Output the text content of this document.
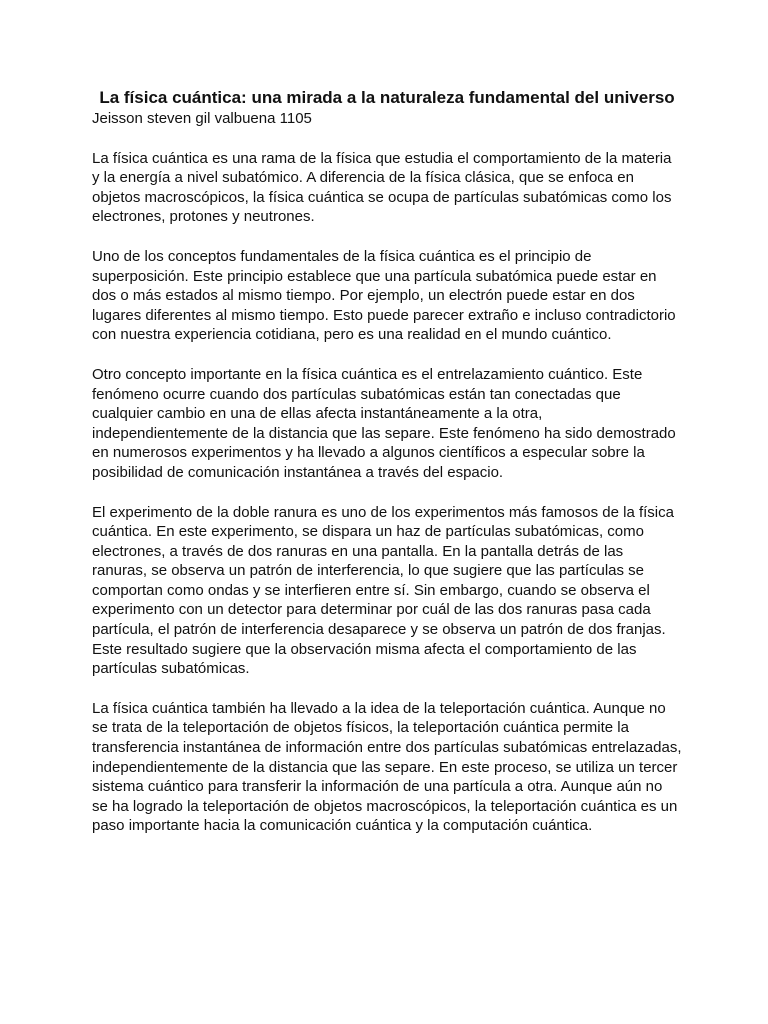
La física cuántica: una mirada a la naturaleza fundamental del universo

Jeisson steven gil valbuena 1105

La física cuántica es una rama de la física que estudia el comportamiento de la materia y la energía a nivel subatómico. A diferencia de la física clásica, que se enfoca en objetos macroscópicos, la física cuántica se ocupa de partículas subatómicas como los electrones, protones y neutrones.

Uno de los conceptos fundamentales de la física cuántica es el principio de superposición. Este principio establece que una partícula subatómica puede estar en dos o más estados al mismo tiempo. Por ejemplo, un electrón puede estar en dos lugares diferentes al mismo tiempo. Esto puede parecer extraño e incluso contradictorio con nuestra experiencia cotidiana, pero es una realidad en el mundo cuántico.

Otro concepto importante en la física cuántica es el entrelazamiento cuántico. Este fenómeno ocurre cuando dos partículas subatómicas están tan conectadas que cualquier cambio en una de ellas afecta instantáneamente a la otra, independientemente de la distancia que las separe. Este fenómeno ha sido demostrado en numerosos experimentos y ha llevado a algunos científicos a especular sobre la posibilidad de comunicación instantánea a través del espacio.

El experimento de la doble ranura es uno de los experimentos más famosos de la física cuántica. En este experimento, se dispara un haz de partículas subatómicas, como electrones, a través de dos ranuras en una pantalla. En la pantalla detrás de las ranuras, se observa un patrón de interferencia, lo que sugiere que las partículas se comportan como ondas y se interfieren entre sí. Sin embargo, cuando se observa el experimento con un detector para determinar por cuál de las dos ranuras pasa cada partícula, el patrón de interferencia desaparece y se observa un patrón de dos franjas. Este resultado sugiere que la observación misma afecta el comportamiento de las partículas subatómicas.

La física cuántica también ha llevado a la idea de la teleportación cuántica. Aunque no se trata de la teleportación de objetos físicos, la teleportación cuántica permite la transferencia instantánea de información entre dos partículas subatómicas entrelazadas, independientemente de la distancia que las separe. En este proceso, se utiliza un tercer sistema cuántico para transferir la información de una partícula a otra. Aunque aún no se ha logrado la teleportación de objetos macroscópicos, la teleportación cuántica es un paso importante hacia la comunicación cuántica y la computación cuántica.
